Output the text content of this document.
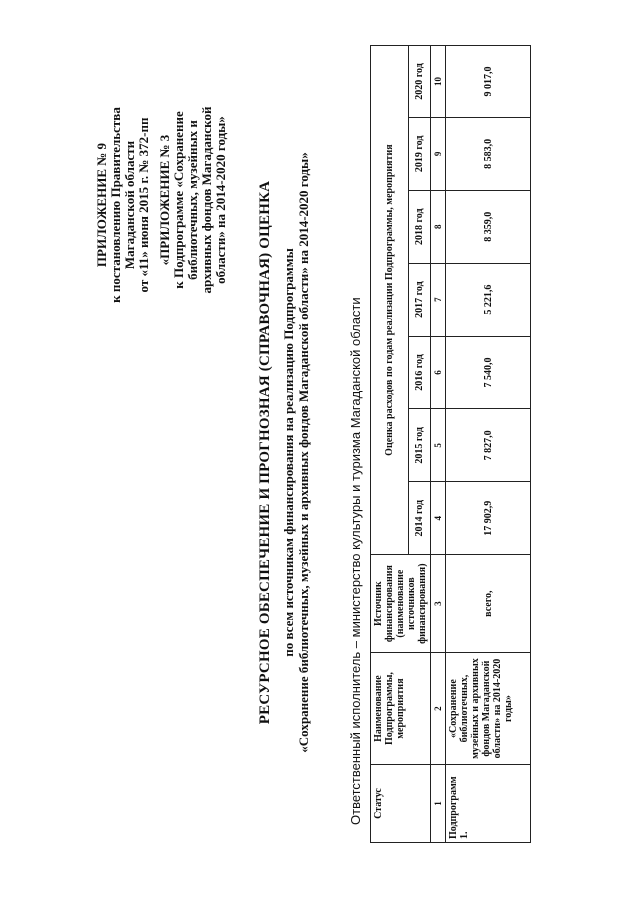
ПРИЛОЖЕНИЕ № 9 к постановлению Правительства Магаданской области от «11» июня 2015 г. № 372-пп «ПРИЛОЖЕНИЕ № 3 к Подпрограмме «Сохранение библиотечных, музейных и архивных фондов Магаданской области» на 2014-2020 годы» РЕСУРСНОЕ ОБЕСПЕЧЕНИЕ И ПРОГНОЗНАЯ (СПРАВОЧНАЯ) ОЦЕНКА по всем источникам финансирования на реализацию Подпрограммы «Сохранение библиотечных, музейных и архивных фондов Магаданской области» на 2014-2020 годы»	Ответственный исполнитель – министерство культуры и туризма Магаданской области Статус	Наименование Подпрограммы, мероприятия	Источник финансирования (наименование источников финансирования)	Оценка расходов по годам реализации Подпрограммы, мероприятия						
			2014 год	2015 год	2016 год	2017 год	2018 год	2019 год	2020 год
1	2	3	4	5	6	7	8	9	10
Подпрограмм 1.	«Сохранение библиотечных, музейных и архивных фондов Магаданской области» на 2014-2020 годы»	всего,	17 902,9	7 827,0	7 540,0	5 221,6	8 359,0	8 583,0	9 017,0
